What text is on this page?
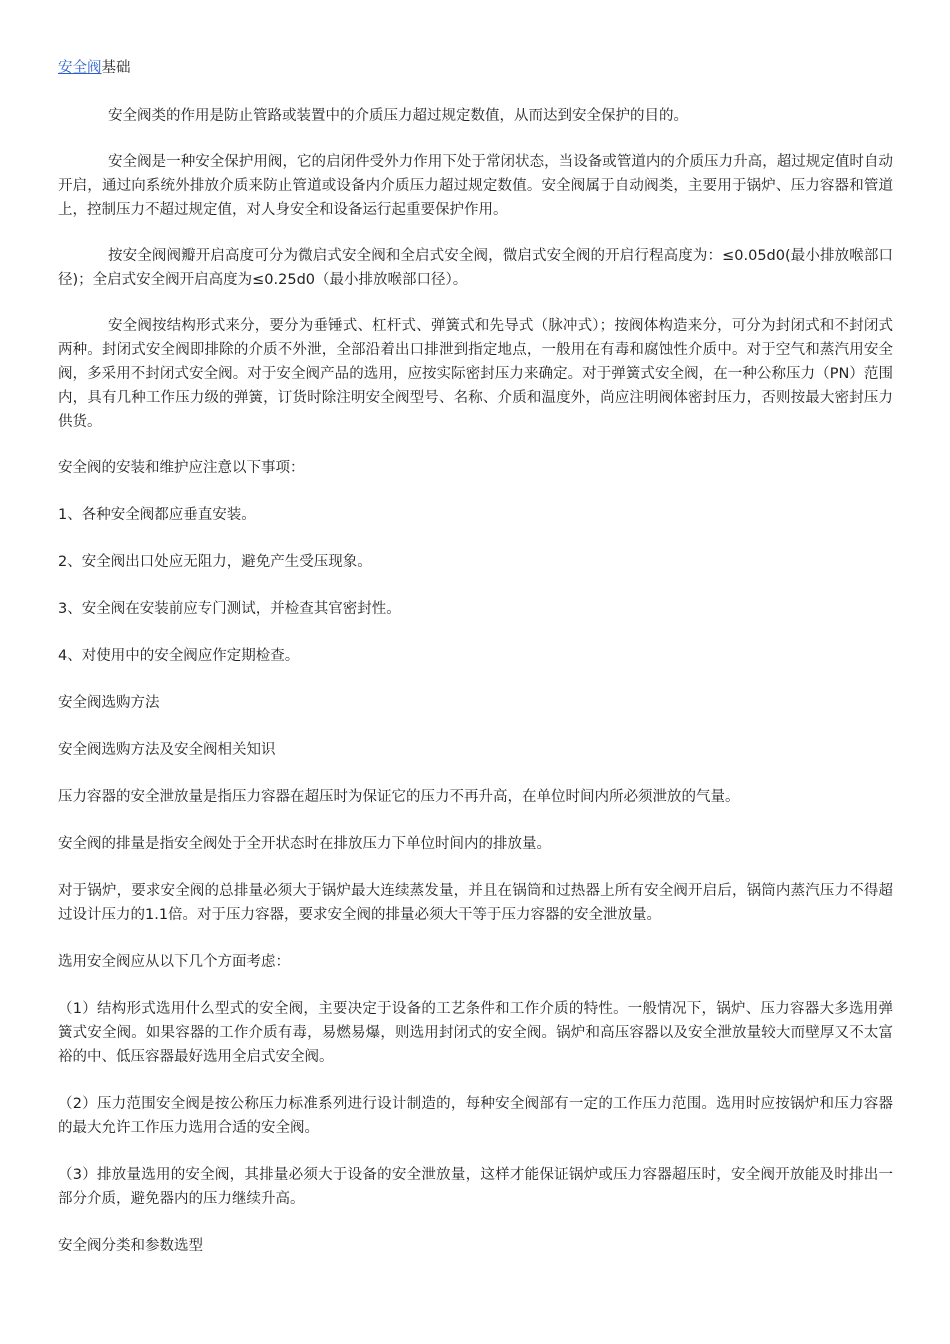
安全阀基础

安全阀类的作用是防止管路或装置中的介质压力超过规定数值，从而达到安全保护的目的。

安全阀是一种安全保护用阀，它的启闭件受外力作用下处于常闭状态，当设备或管道内的介质压力升高，超过规定值时自动开启，通过向系统外排放介质来防止管道或设备内介质压力超过规定数值。安全阀属于自动阀类，主要用于锅炉、压力容器和管道上，控制压力不超过规定值，对人身安全和设备运行起重要保护作用。

按安全阀阀瓣开启高度可分为微启式安全阀和全启式安全阀，微启式安全阀的开启行程高度为：≤0.05d0(最小排放喉部口径)；全启式安全阀开启高度为≤0.25d0（最小排放喉部口径）。

安全阀按结构形式来分，要分为垂锤式、杠杆式、弹簧式和先导式（脉冲式）；按阀体构造来分，可分为封闭式和不封闭式两种。封闭式安全阀即排除的介质不外泄，全部沿着出口排泄到指定地点，一般用在有毒和腐蚀性介质中。对于空气和蒸汽用安全阀，多采用不封闭式安全阀。对于安全阀产品的选用，应按实际密封压力来确定。对于弹簧式安全阀，在一种公称压力（PN）范围内，具有几种工作压力级的弹簧，订货时除注明安全阀型号、名称、介质和温度外，尚应注明阀体密封压力，否则按最大密封压力供货。

安全阀的安装和维护应注意以下事项：

1、各种安全阀都应垂直安装。

2、安全阀出口处应无阻力，避免产生受压现象。

3、安全阀在安装前应专门测试，并检查其官密封性。

4、对使用中的安全阀应作定期检查。

安全阀选购方法

安全阀选购方法及安全阀相关知识

压力容器的安全泄放量是指压力容器在超压时为保证它的压力不再升高，在单位时间内所必须泄放的气量。

安全阀的排量是指安全阀处于全开状态时在排放压力下单位时间内的排放量。

对于锅炉，要求安全阀的总排量必须大于锅炉最大连续蒸发量，并且在锅筒和过热器上所有安全阀开启后，锅筒内蒸汽压力不得超过设计压力的1.1倍。对于压力容器，要求安全阀的排量必须大干等于压力容器的安全泄放量。

选用安全阀应从以下几个方面考虑：

（1）结构形式选用什么型式的安全阀，主要决定于设备的工艺条件和工作介质的特性。一般情况下，锅炉、压力容器大多选用弹簧式安全阀。如果容器的工作介质有毒，易燃易爆，则选用封闭式的安全阀。锅炉和高压容器以及安全泄放量较大而壁厚又不太富裕的中、低压容器最好选用全启式安全阀。

（2）压力范围安全阀是按公称压力标准系列进行设计制造的，每种安全阀部有一定的工作压力范围。选用时应按锅炉和压力容器的最大允许工作压力选用合适的安全阀。

（3）排放量选用的安全阀，其排量必须大于设备的安全泄放量，这样才能保证锅炉或压力容器超压时，安全阀开放能及时排出一部分介质，避免器内的压力继续升高。

安全阀分类和参数选型
